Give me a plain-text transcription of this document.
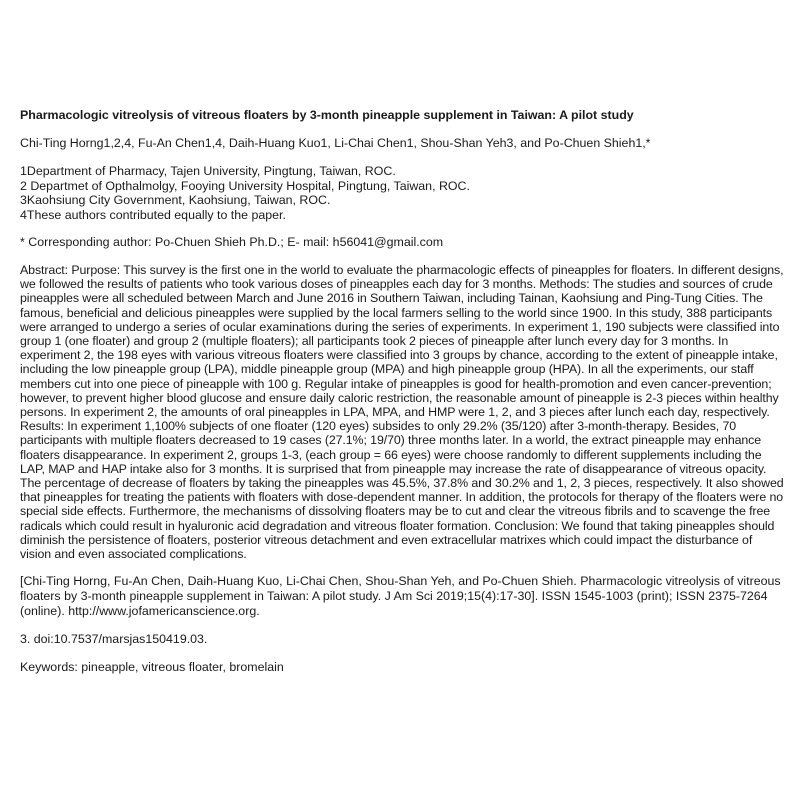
Pharmacologic vitreolysis of vitreous floaters by 3-month pineapple supplement in Taiwan: A pilot study
Chi-Ting Horng1,2,4, Fu-An Chen1,4, Daih-Huang Kuo1, Li-Chai Chen1, Shou-Shan Yeh3, and Po-Chuen Shieh1,*
1Department of Pharmacy, Tajen University, Pingtung, Taiwan, ROC.
2 Departmet of Opthalmolgy, Fooying University Hospital, Pingtung, Taiwan, ROC.
3Kaohsiung City Government, Kaohsiung, Taiwan, ROC.
4These authors contributed equally to the paper.
* Corresponding author: Po-Chuen Shieh Ph.D.; E- mail: h56041@gmail.com
Abstract: Purpose: This survey is the first one in the world to evaluate the pharmacologic effects of pineapples for floaters. In different designs, we followed the results of patients who took various doses of pineapples each day for 3 months. Methods: The studies and sources of crude pineapples were all scheduled between March and June 2016 in Southern Taiwan, including Tainan, Kaohsiung and Ping-Tung Cities. The famous, beneficial and delicious pineapples were supplied by the local farmers selling to the world since 1900. In this study, 388 participants were arranged to undergo a series of ocular examinations during the series of experiments. In experiment 1, 190 subjects were classified into group 1 (one floater) and group 2 (multiple floaters); all participants took 2 pieces of pineapple after lunch every day for 3 months. In experiment 2, the 198 eyes with various vitreous floaters were classified into 3 groups by chance, according to the extent of pineapple intake, including the low pineapple group (LPA), middle pineapple group (MPA) and high pineapple group (HPA). In all the experiments, our staff members cut into one piece of pineapple with 100 g. Regular intake of pineapples is good for health-promotion and even cancer-prevention; however, to prevent higher blood glucose and ensure daily caloric restriction, the reasonable amount of pineapple is 2-3 pieces within healthy persons. In experiment 2, the amounts of oral pineapples in LPA, MPA, and HMP were 1, 2, and 3 pieces after lunch each day, respectively. Results: In experiment 1,100% subjects of one floater (120 eyes) subsides to only 29.2% (35/120) after 3-month-therapy. Besides, 70 participants with multiple floaters decreased to 19 cases (27.1%; 19/70) three months later. In a world, the extract pineapple may enhance floaters disappearance. In experiment 2, groups 1-3, (each group = 66 eyes) were choose randomly to different supplements including the LAP, MAP and HAP intake also for 3 months. It is surprised that from pineapple may increase the rate of disappearance of vitreous opacity. The percentage of decrease of floaters by taking the pineapples was 45.5%, 37.8% and 30.2% and 1, 2, 3 pieces, respectively. It also showed that pineapples for treating the patients with floaters with dose-dependent manner. In addition, the protocols for therapy of the floaters were no special side effects. Furthermore, the mechanisms of dissolving floaters may be to cut and clear the vitreous fibrils and to scavenge the free radicals which could result in hyaluronic acid degradation and vitreous floater formation. Conclusion: We found that taking pineapples should diminish the persistence of floaters, posterior vitreous detachment and even extracellular matrixes which could impact the disturbance of vision and even associated complications.
[Chi-Ting Horng, Fu-An Chen, Daih-Huang Kuo, Li-Chai Chen, Shou-Shan Yeh, and Po-Chuen Shieh. Pharmacologic vitreolysis of vitreous floaters by 3-month pineapple supplement in Taiwan: A pilot study. J Am Sci 2019;15(4):17-30]. ISSN 1545-1003 (print); ISSN 2375-7264 (online). http://www.jofamericanscience.org.
3. doi:10.7537/marsjas150419.03.
Keywords: pineapple, vitreous floater, bromelain
